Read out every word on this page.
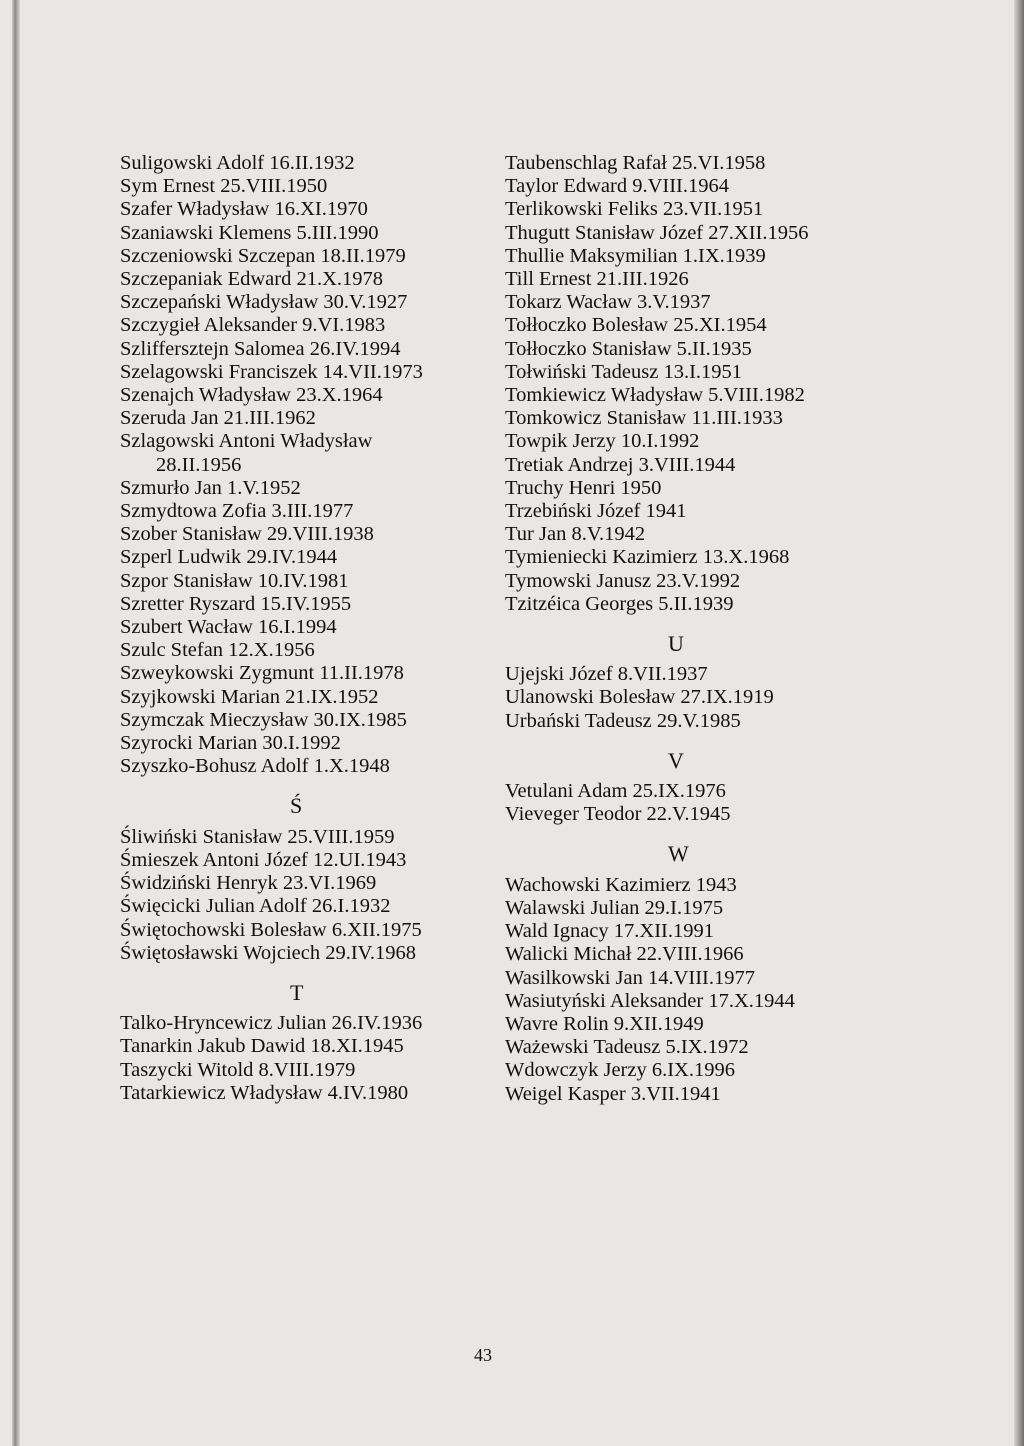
Suligowski Adolf 16.II.1932
Sym Ernest 25.VIII.1950
Szafer Władysław 16.XI.1970
Szaniawski Klemens 5.III.1990
Szczeniowski Szczepan 18.II.1979
Szczepaniak Edward 21.X.1978
Szczepański Władysław 30.V.1927
Szczygieł Aleksander 9.VI.1983
Szliffersztejn Salomea 26.IV.1994
Szelagowski Franciszek 14.VII.1973
Szenajch Władysław 23.X.1964
Szeruda Jan 21.III.1962
Szlagowski Antoni Władysław
28.II.1956
Szmurło Jan 1.V.1952
Szmydtowa Zofia 3.III.1977
Szober Stanisław 29.VIII.1938
Szperl Ludwik 29.IV.1944
Szpor Stanisław 10.IV.1981
Szretter Ryszard 15.IV.1955
Szubert Wacław 16.I.1994
Szulc Stefan 12.X.1956
Szweykowski Zygmunt 11.II.1978
Szyjkowski Marian 21.IX.1952
Szymczak Mieczysław 30.IX.1985
Szyrocki Marian 30.I.1992
Szyszko-Bohusz Adolf 1.X.1948
Ś
Śliwiński Stanisław 25.VIII.1959
Śmieszek Antoni Józef 12.UI.1943
Świdziński Henryk 23.VI.1969
Święcicki Julian Adolf 26.I.1932
Świętochowski Bolesław 6.XII.1975
Świętosławski Wojciech 29.IV.1968
T
Talko-Hryncewicz Julian 26.IV.1936
Tanarkin Jakub Dawid 18.XI.1945
Taszycki Witold 8.VIII.1979
Tatarkiewicz Władysław 4.IV.1980
Taubenschlag Rafał 25.VI.1958
Taylor Edward 9.VIII.1964
Terlikowski Feliks 23.VII.1951
Thugutt Stanisław Józef 27.XII.1956
Thullie Maksymilian 1.IX.1939
Till Ernest 21.III.1926
Tokarz Wacław 3.V.1937
Tołłoczko Bolesław 25.XI.1954
Tołłoczko Stanisław 5.II.1935
Tołwiński Tadeusz 13.I.1951
Tomkiewicz Władysław 5.VIII.1982
Tomkowicz Stanisław 11.III.1933
Towpik Jerzy 10.I.1992
Tretiak Andrzej 3.VIII.1944
Truchy Henri 1950
Trzebiński Józef 1941
Tur Jan 8.V.1942
Tymieniecki Kazimierz 13.X.1968
Tymowski Janusz 23.V.1992
Tzitzéica Georges 5.II.1939
U
Ujejski Józef 8.VII.1937
Ulanowski Bolesław 27.IX.1919
Urbański Tadeusz 29.V.1985
V
Vetulani Adam 25.IX.1976
Vieveger Teodor 22.V.1945
W
Wachowski Kazimierz 1943
Walawski Julian 29.I.1975
Wald Ignacy 17.XII.1991
Walicki Michał 22.VIII.1966
Wasilkowski Jan 14.VIII.1977
Wasiutyński Aleksander 17.X.1944
Wavre Rolin 9.XII.1949
Ważewski Tadeusz 5.IX.1972
Wdowczyk Jerzy 6.IX.1996
Weigel Kasper 3.VII.1941
43
